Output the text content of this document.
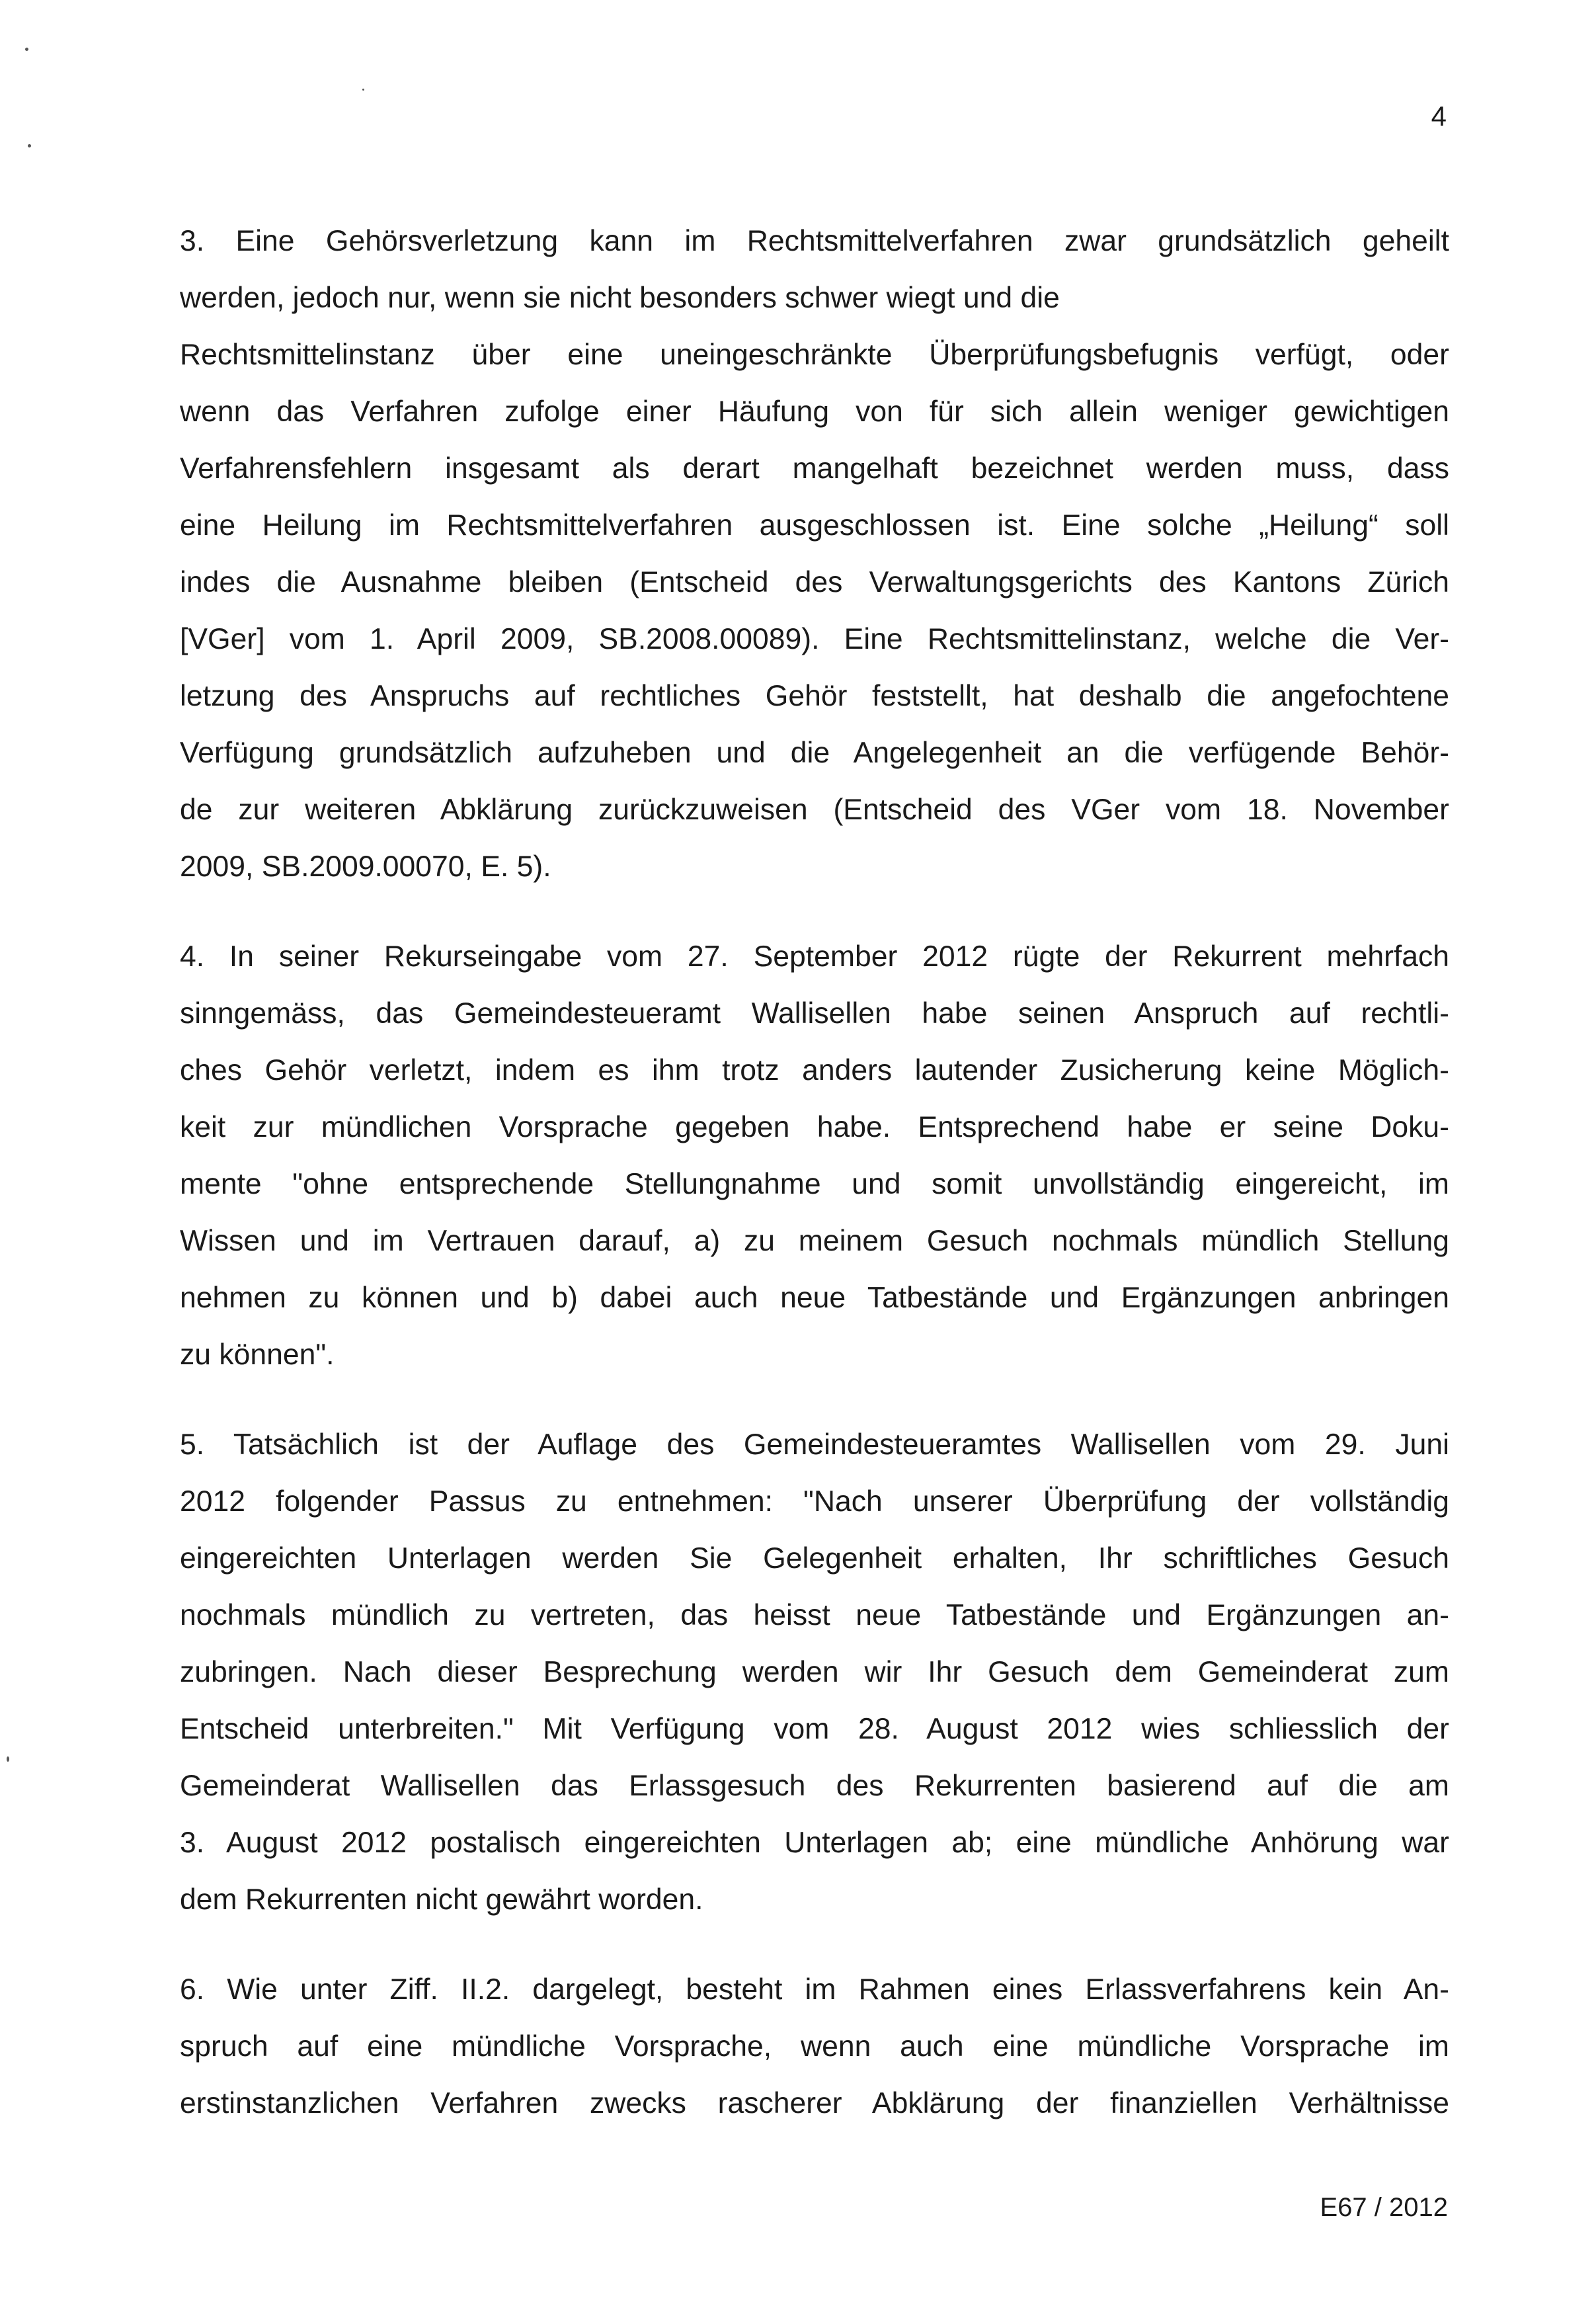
4

3. Eine Gehörsverletzung kann im Rechtsmittelverfahren zwar grundsätzlich geheilt
werden, jedoch nur, wenn sie nicht besonders schwer wiegt und die
Rechtsmittelinstanz über eine uneingeschränkte Überprüfungsbefugnis verfügt, oder
wenn das Verfahren zufolge einer Häufung von für sich allein weniger gewichtigen
Verfahrensfehlern insgesamt als derart mangelhaft bezeichnet werden muss, dass
eine Heilung im Rechtsmittelverfahren ausgeschlossen ist. Eine solche „Heilung“ soll
indes die Ausnahme bleiben (Entscheid des Verwaltungsgerichts des Kantons Zürich
[VGer] vom 1. April 2009, SB.2008.00089). Eine Rechtsmittelinstanz, welche die Ver-
letzung des Anspruchs auf rechtliches Gehör feststellt, hat deshalb die angefochtene
Verfügung grundsätzlich aufzuheben und die Angelegenheit an die verfügende Behör-
de zur weiteren Abklärung zurückzuweisen (Entscheid des VGer vom 18. November
2009, SB.2009.00070, E. 5).

4. In seiner Rekurseingabe vom 27. September 2012 rügte der Rekurrent mehrfach
sinngemäss, das Gemeindesteueramt Wallisellen habe seinen Anspruch auf rechtli-
ches Gehör verletzt, indem es ihm trotz anders lautender Zusicherung keine Möglich-
keit zur mündlichen Vorsprache gegeben habe. Entsprechend habe er seine Doku-
mente "ohne entsprechende Stellungnahme und somit unvollständig eingereicht, im
Wissen und im Vertrauen darauf, a) zu meinem Gesuch nochmals mündlich Stellung
nehmen zu können und b) dabei auch neue Tatbestände und Ergänzungen anbringen
zu können".

5. Tatsächlich ist der Auflage des Gemeindesteueramtes Wallisellen vom 29. Juni
2012 folgender Passus zu entnehmen: "Nach unserer Überprüfung der vollständig
eingereichten Unterlagen werden Sie Gelegenheit erhalten, Ihr schriftliches Gesuch
nochmals mündlich zu vertreten, das heisst neue Tatbestände und Ergänzungen an-
zubringen. Nach dieser Besprechung werden wir Ihr Gesuch dem Gemeinderat zum
Entscheid unterbreiten." Mit Verfügung vom 28. August 2012 wies schliesslich der
Gemeinderat Wallisellen das Erlassgesuch des Rekurrenten basierend auf die am
3. August 2012 postalisch eingereichten Unterlagen ab; eine mündliche Anhörung war
dem Rekurrenten nicht gewährt worden.

6. Wie unter Ziff. II.2. dargelegt, besteht im Rahmen eines Erlassverfahrens kein An-
spruch auf eine mündliche Vorsprache, wenn auch eine mündliche Vorsprache im
erstinstanzlichen Verfahren zwecks rascherer Abklärung der finanziellen Verhältnisse

E67 / 2012
